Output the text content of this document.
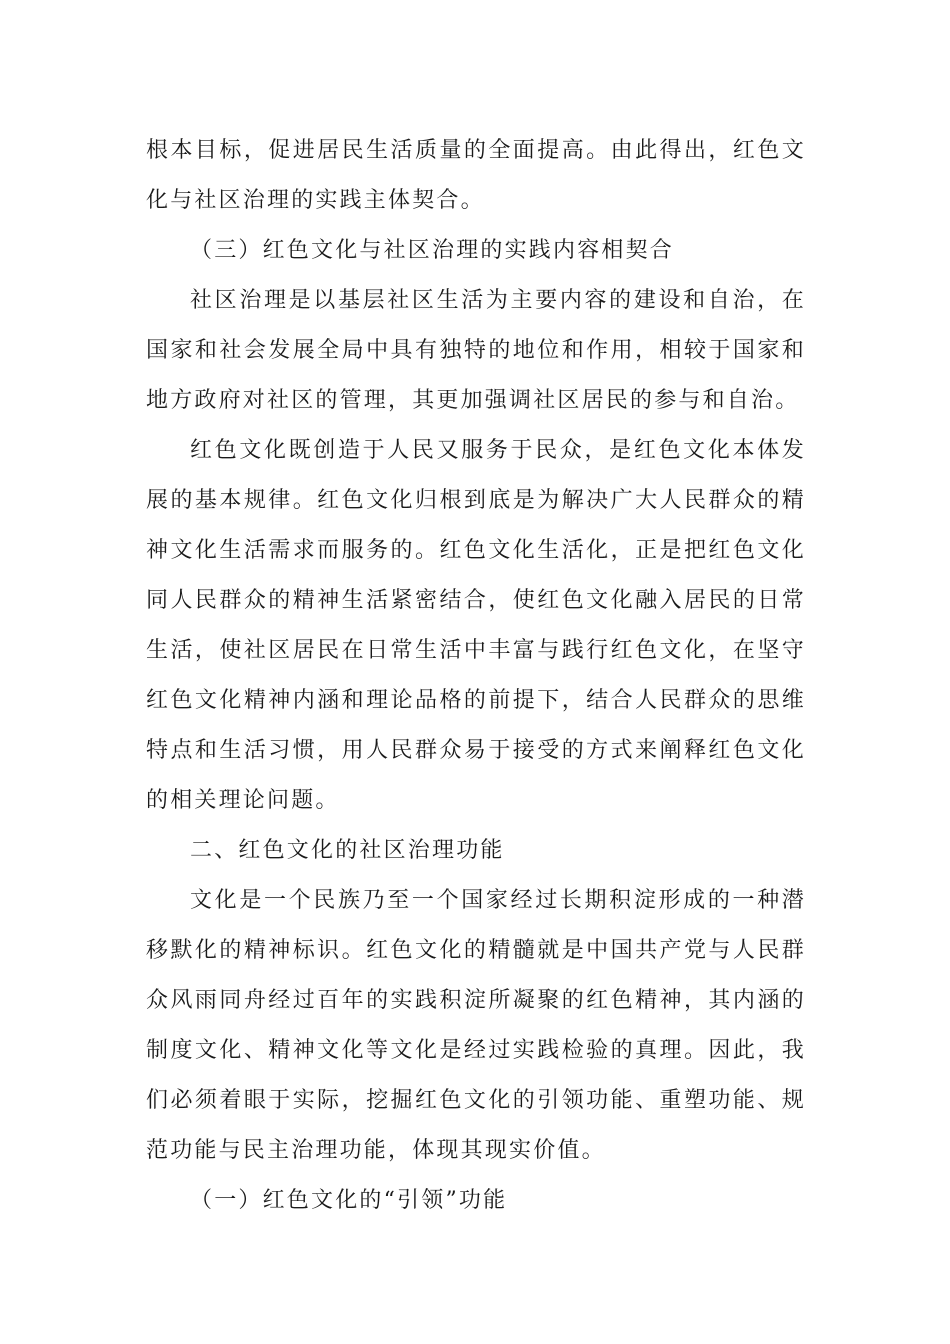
根本目标，促进居民生活质量的全面提高。由此得出，红色文化与社区治理的实践主体契合。

（三）红色文化与社区治理的实践内容相契合

社区治理是以基层社区生活为主要内容的建设和自治，在国家和社会发展全局中具有独特的地位和作用，相较于国家和地方政府对社区的管理，其更加强调社区居民的参与和自治。

红色文化既创造于人民又服务于民众，是红色文化本体发展的基本规律。红色文化归根到底是为解决广大人民群众的精神文化生活需求而服务的。红色文化生活化，正是把红色文化同人民群众的精神生活紧密结合，使红色文化融入居民的日常生活，使社区居民在日常生活中丰富与践行红色文化，在坚守红色文化精神内涵和理论品格的前提下，结合人民群众的思维特点和生活习惯，用人民群众易于接受的方式来阐释红色文化的相关理论问题。

二、红色文化的社区治理功能

文化是一个民族乃至一个国家经过长期积淀形成的一种潜移默化的精神标识。红色文化的精髓就是中国共产党与人民群众风雨同舟经过百年的实践积淀所凝聚的红色精神，其内涵的制度文化、精神文化等文化是经过实践检验的真理。因此，我们必须着眼于实际，挖掘红色文化的引领功能、重塑功能、规范功能与民主治理功能，体现其现实价值。

（一）红色文化的“引领”功能
